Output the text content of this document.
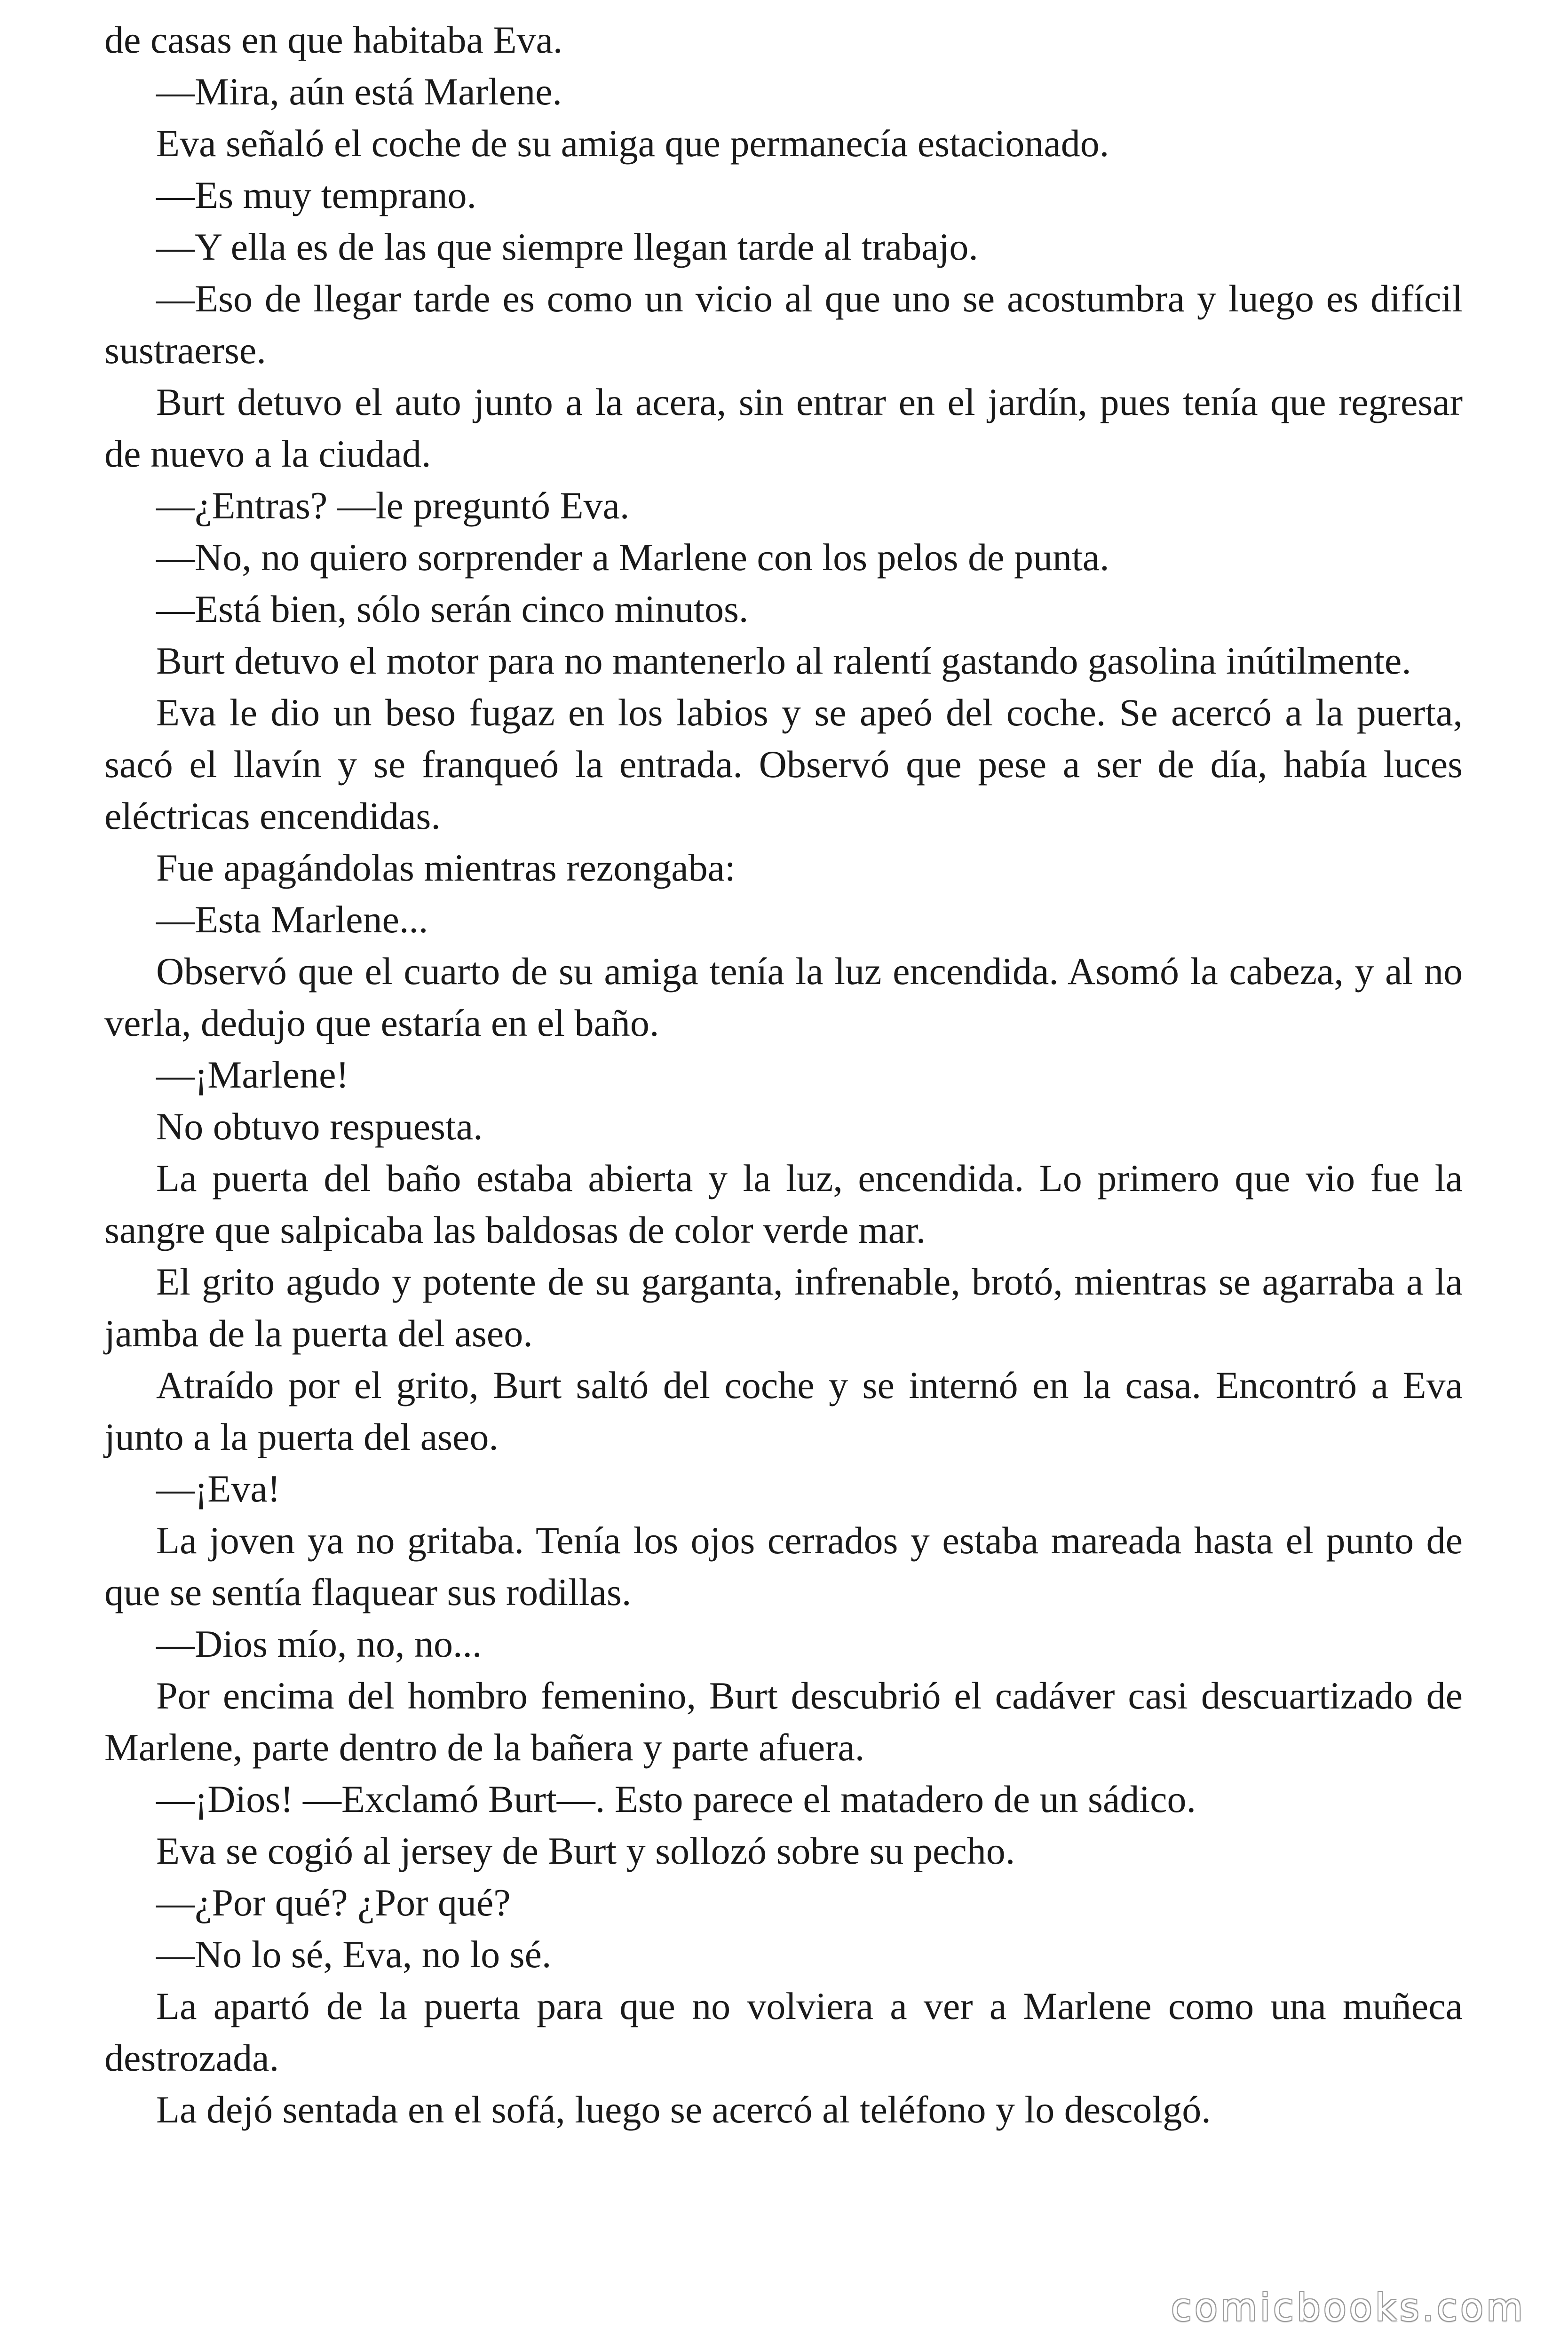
de casas en que habitaba Eva.

—Mira, aún está Marlene.

Eva señaló el coche de su amiga que permanecía estacionado.

—Es muy temprano.

—Y ella es de las que siempre llegan tarde al trabajo.

—Eso de llegar tarde es como un vicio al que uno se acostumbra y luego es difícil sustraerse.

Burt detuvo el auto junto a la acera, sin entrar en el jardín, pues tenía que regresar de nuevo a la ciudad.

—¿Entras? —le preguntó Eva.

—No, no quiero sorprender a Marlene con los pelos de punta.

—Está bien, sólo serán cinco minutos.

Burt detuvo el motor para no mantenerlo al ralentí gastando gasolina inútilmente.

Eva le dio un beso fugaz en los labios y se apeó del coche. Se acercó a la puerta, sacó el llavín y se franqueó la entrada. Observó que pese a ser de día, había luces eléctricas encendidas.

Fue apagándolas mientras rezongaba:

—Esta Marlene...

Observó que el cuarto de su amiga tenía la luz encendida. Asomó la cabeza, y al no verla, dedujo que estaría en el baño.

—¡Marlene!

No obtuvo respuesta.

La puerta del baño estaba abierta y la luz, encendida. Lo primero que vio fue la sangre que salpicaba las baldosas de color verde mar.

El grito agudo y potente de su garganta, infrenable, brotó, mientras se agarraba a la jamba de la puerta del aseo.

Atraído por el grito, Burt saltó del coche y se internó en la casa. Encontró a Eva junto a la puerta del aseo.

—¡Eva!

La joven ya no gritaba. Tenía los ojos cerrados y estaba mareada hasta el punto de que se sentía flaquear sus rodillas.

—Dios mío, no, no...

Por encima del hombro femenino, Burt descubrió el cadáver casi descuartizado de Marlene, parte dentro de la bañera y parte afuera.

—¡Dios! —Exclamó Burt—. Esto parece el matadero de un sádico.

Eva se cogió al jersey de Burt y sollozó sobre su pecho.

—¿Por qué? ¿Por qué?

—No lo sé, Eva, no lo sé.

La apartó de la puerta para que no volviera a ver a Marlene como una muñeca destrozada.

La dejó sentada en el sofá, luego se acercó al teléfono y lo descolgó.

comicbooks.com
